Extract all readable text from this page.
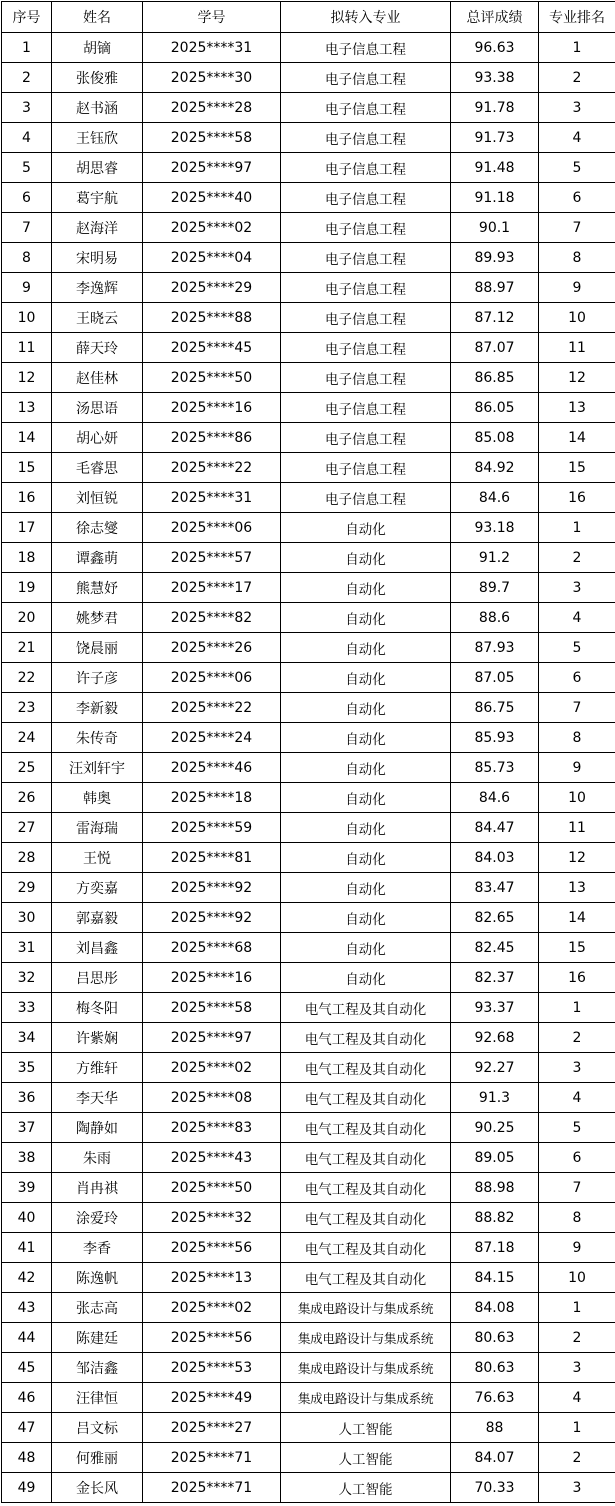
序号	姓名	学号	拟转入专业	总评成绩	专业排名
1	胡镝	2025****31	电子信息工程	96.63	1
2	张俊雅	2025****30	电子信息工程	93.38	2
3	赵书涵	2025****28	电子信息工程	91.78	3
4	王钰欣	2025****58	电子信息工程	91.73	4
5	胡思睿	2025****97	电子信息工程	91.48	5
6	葛宇航	2025****40	电子信息工程	91.18	6
7	赵海洋	2025****02	电子信息工程	90.1	7
8	宋明易	2025****04	电子信息工程	89.93	8
9	李逸辉	2025****29	电子信息工程	88.97	9
10	王晓云	2025****88	电子信息工程	87.12	10
11	薛天玲	2025****45	电子信息工程	87.07	11
12	赵佳林	2025****50	电子信息工程	86.85	12
13	汤思语	2025****16	电子信息工程	86.05	13
14	胡心妍	2025****86	电子信息工程	85.08	14
15	毛睿思	2025****22	电子信息工程	84.92	15
16	刘恒锐	2025****31	电子信息工程	84.6	16
17	徐志燮	2025****06	自动化	93.18	1
18	谭鑫萌	2025****57	自动化	91.2	2
19	熊慧妤	2025****17	自动化	89.7	3
20	姚梦君	2025****82	自动化	88.6	4
21	饶晨丽	2025****26	自动化	87.93	5
22	许子彦	2025****06	自动化	87.05	6
23	李新毅	2025****22	自动化	86.75	7
24	朱传奇	2025****24	自动化	85.93	8
25	汪刘轩宇	2025****46	自动化	85.73	9
26	韩奥	2025****18	自动化	84.6	10
27	雷海瑞	2025****59	自动化	84.47	11
28	王悦	2025****81	自动化	84.03	12
29	方奕嘉	2025****92	自动化	83.47	13
30	郭嘉毅	2025****92	自动化	82.65	14
31	刘昌鑫	2025****68	自动化	82.45	15
32	吕思彤	2025****16	自动化	82.37	16
33	梅冬阳	2025****58	电气工程及其自动化	93.37	1
34	许紫娴	2025****97	电气工程及其自动化	92.68	2
35	方维轩	2025****02	电气工程及其自动化	92.27	3
36	李天华	2025****08	电气工程及其自动化	91.3	4
37	陶静如	2025****83	电气工程及其自动化	90.25	5
38	朱雨	2025****43	电气工程及其自动化	89.05	6
39	肖冉祺	2025****50	电气工程及其自动化	88.98	7
40	涂爱玲	2025****32	电气工程及其自动化	88.82	8
41	李香	2025****56	电气工程及其自动化	87.18	9
42	陈逸帆	2025****13	电气工程及其自动化	84.15	10
43	张志高	2025****02	集成电路设计与集成系统	84.08	1
44	陈建廷	2025****56	集成电路设计与集成系统	80.63	2
45	邹洁鑫	2025****53	集成电路设计与集成系统	80.63	3
46	汪律恒	2025****49	集成电路设计与集成系统	76.63	4
47	吕文标	2025****27	人工智能	88	1
48	何雅丽	2025****71	人工智能	84.07	2
49	金长风	2025****71	人工智能	70.33	3
